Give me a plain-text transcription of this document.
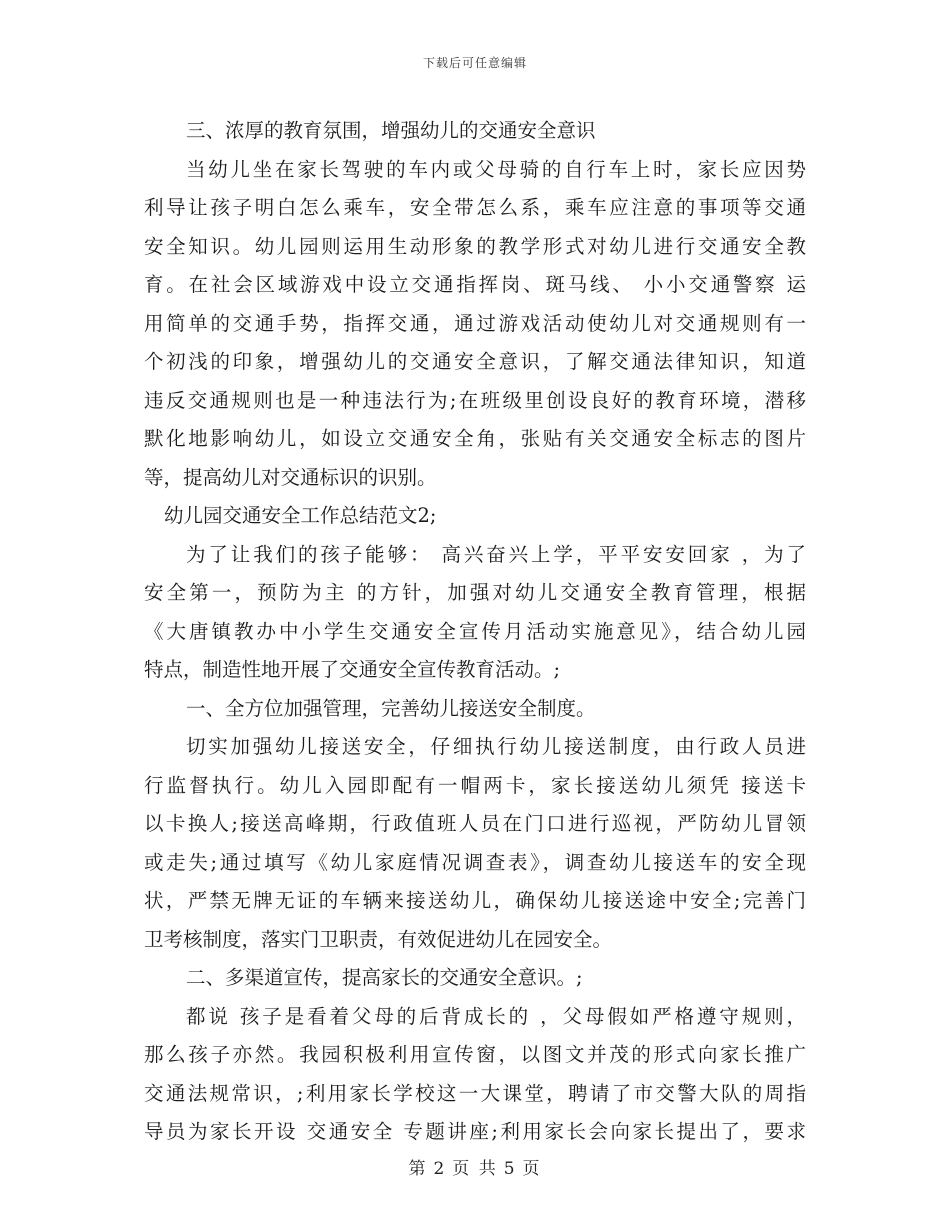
下载后可任意编辑
三、浓厚的教育氛围，增强幼儿的交通安全意识
当幼儿坐在家长驾驶的车内或父母骑的自行车上时，家长应因势
利导让孩子明白怎么乘车，安全带怎么系，乘车应注意的事项等交通
安全知识。幼儿园则运用生动形象的教学形式对幼儿进行交通安全教
育。在社会区域游戏中设立交通指挥岗、斑马线、 小小交通警察 运
用简单的交通手势，指挥交通，通过游戏活动使幼儿对交通规则有一
个初浅的印象，增强幼儿的交通安全意识，了解交通法律知识，知道
违反交通规则也是一种违法行为;在班级里创设良好的教育环境，潜移
默化地影响幼儿，如设立交通安全角，张贴有关交通安全标志的图片
等，提高幼儿对交通标识的识别。
幼儿园交通安全工作总结范文2;
为了让我们的孩子能够： 高兴奋兴上学，平平安安回家 ，为了
安全第一，预防为主 的方针，加强对幼儿交通安全教育管理，根据
《大唐镇教办中小学生交通安全宣传月活动实施意见》，结合幼儿园
特点，制造性地开展了交通安全宣传教育活动。;
一、全方位加强管理，完善幼儿接送安全制度。
切实加强幼儿接送安全，仔细执行幼儿接送制度，由行政人员进
行监督执行。幼儿入园即配有一帽两卡，家长接送幼儿须凭 接送卡
以卡换人;接送高峰期，行政值班人员在门口进行巡视，严防幼儿冒领
或走失;通过填写《幼儿家庭情况调查表》，调查幼儿接送车的安全现
状，严禁无牌无证的车辆来接送幼儿，确保幼儿接送途中安全;完善门
卫考核制度，落实门卫职责，有效促进幼儿在园安全。
二、多渠道宣传，提高家长的交通安全意识。;
都说 孩子是看着父母的后背成长的 ，父母假如严格遵守规则，
那么孩子亦然。我园积极利用宣传窗，以图文并茂的形式向家长推广
交通法规常识，;利用家长学校这一大课堂，聘请了市交警大队的周指
导员为家长开设 交通安全 专题讲座;利用家长会向家长提出了，要求
第 2 页 共 5 页
